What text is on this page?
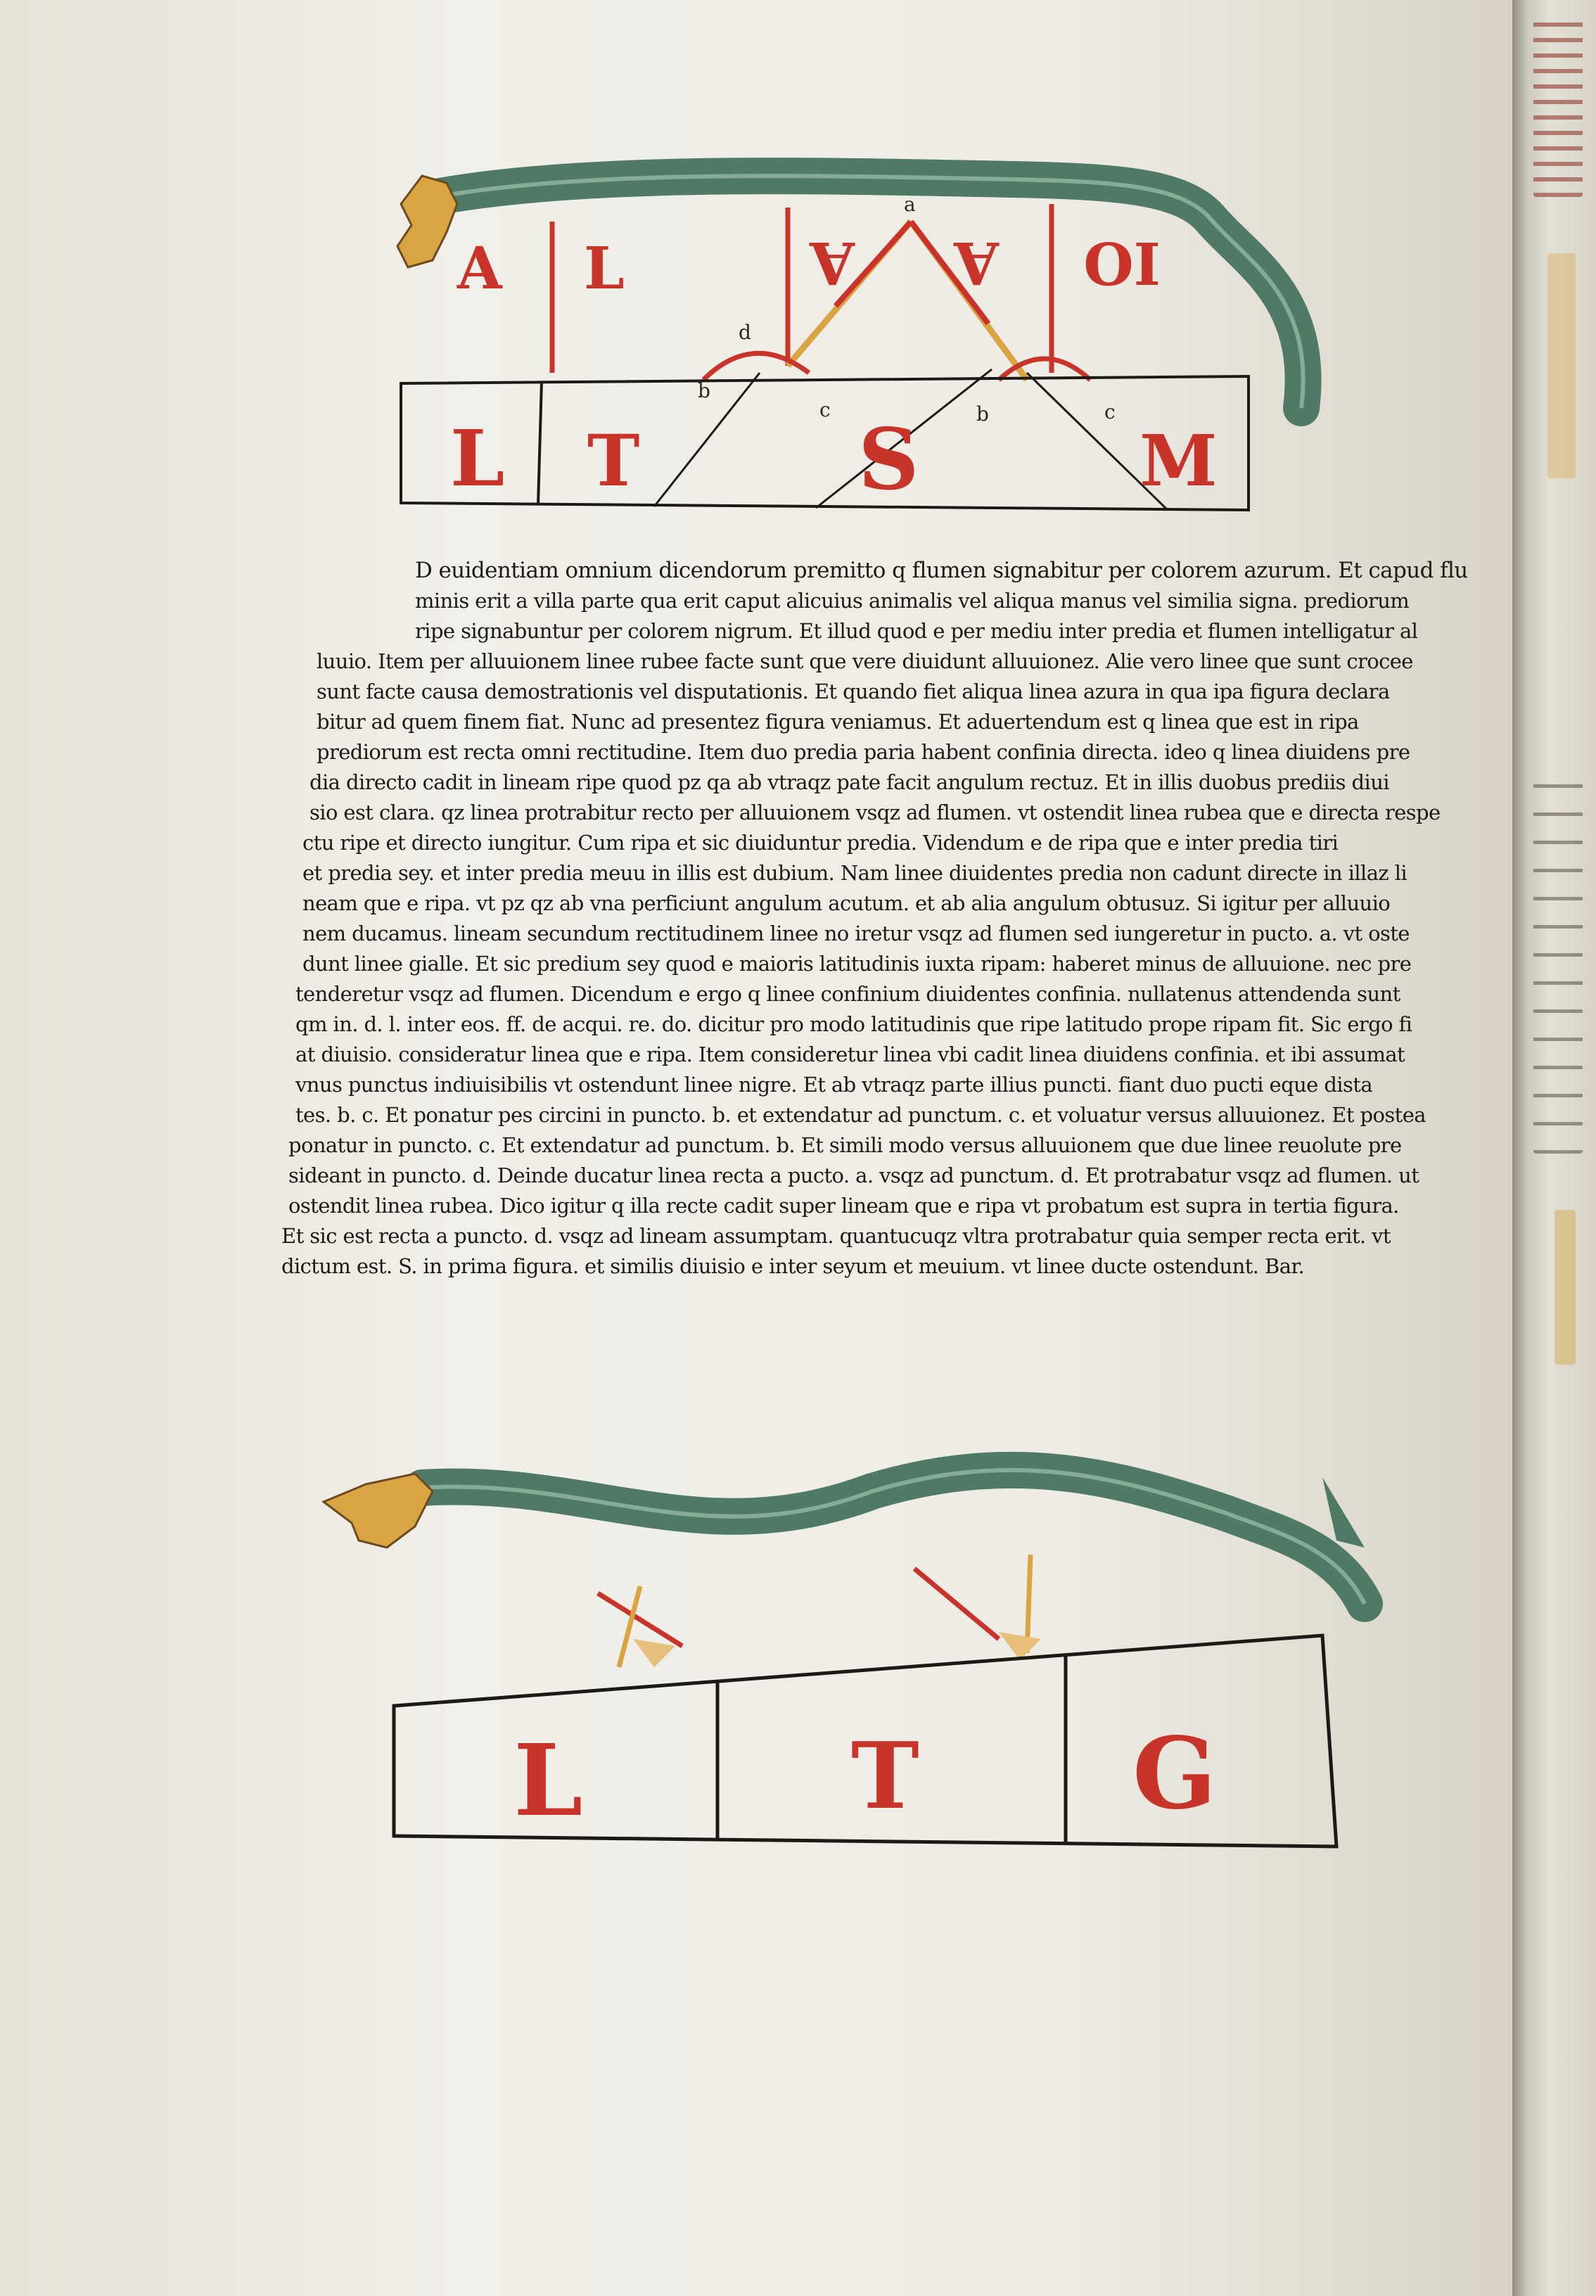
A L	A A IO
a
d
b
c	b	c
L T	S	M

D euidentiam omnium dicendorum premitto q flumen signabitur per colorem azurum. Et capud flu

minis erit a villa parte qua erit caput alicuius animalis vel aliqua manus vel similia signa. prediorum

ripe signabuntur per colorem nigrum. Et illud quod e per mediu inter predia et flumen intelligatur al

luuio. Item per alluuionem linee rubee facte sunt que vere diuidunt alluuionez. Alie vero linee que sunt crocee

sunt facte causa demostrationis vel disputationis. Et quando fiet aliqua linea azura in qua ipa figura declara

bitur ad quem finem fiat. Nunc ad presentez figura veniamus. Et aduertendum est q linea que est in ripa

prediorum est recta omni rectitudine. Item duo predia paria habent confinia directa. ideo q linea diuidens pre

dia directo cadit in lineam ripe quod pz qa ab vtraqz pate facit angulum rectuz. Et in illis duobus prediis diui

sio est clara. qz linea protrabitur recto per alluuionem vsqz ad flumen. vt ostendit linea rubea que e directa respe

ctu ripe et directo iungitur. Cum ripa et sic diuiduntur predia. Videndum e de ripa que e inter predia tiri

et predia sey. et inter predia meuu in illis est dubium. Nam linee diuidentes predia non cadunt directe in illaz li

neam que e ripa. vt pz qz ab vna perficiunt angulum acutum. et ab alia angulum obtusuz. Si igitur per alluuio

nem ducamus. lineam secundum rectitudinem linee no iretur vsqz ad flumen sed iungeretur in pucto. a. vt oste

dunt linee gialle. Et sic predium sey quod e maioris latitudinis iuxta ripam: haberet minus de alluuione. nec pre

tenderetur vsqz ad flumen. Dicendum e ergo q linee confinium diuidentes confinia. nullatenus attendenda sunt

qm in. d. l. inter eos. ff. de acqui. re. do. dicitur pro modo latitudinis que ripe latitudo prope ripam fit. Sic ergo fi

at diuisio. consideratur linea que e ripa. Item consideretur linea vbi cadit linea diuidens confinia. et ibi assumat

vnus punctus indiuisibilis vt ostendunt linee nigre. Et ab vtraqz parte illius puncti. fiant duo pucti eque dista

tes. b. c. Et ponatur pes circini in puncto. b. et extendatur ad punctum. c. et voluatur versus alluuionez. Et postea

ponatur in puncto. c. Et extendatur ad punctum. b. Et simili modo versus alluuionem que due linee reuolute pre

sideant in puncto. d. Deinde ducatur linea recta a pucto. a. vsqz ad punctum. d. Et protrabatur vsqz ad flumen. ut

ostendit linea rubea. Dico igitur q illa recte cadit super lineam que e ripa vt probatum est supra in tertia figura.

Et sic est recta a puncto. d. vsqz ad lineam assumptam. quantucuqz vltra protrabatur quia semper recta erit. vt

dictum est. S. in prima figura. et similis diuisio e inter seyum et meuium. vt linee ducte ostendunt. Bar.

L	T G
